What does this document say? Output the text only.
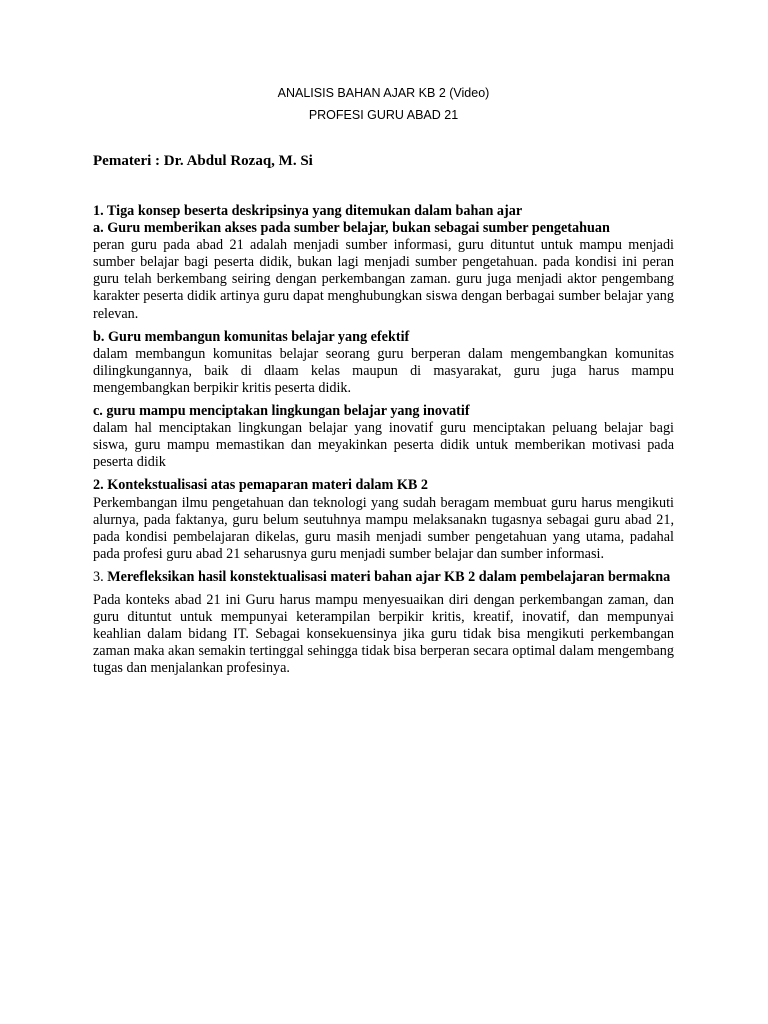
ANALISIS BAHAN AJAR KB 2 (Video)
PROFESI GURU ABAD 21
Pemateri : Dr. Abdul Rozaq, M. Si

1. Tiga konsep beserta deskripsinya yang ditemukan dalam bahan ajar

a. Guru memberikan akses pada sumber belajar, bukan sebagai sumber pengetahuan

peran guru pada abad 21 adalah menjadi sumber informasi, guru dituntut untuk mampu menjadi sumber belajar bagi peserta didik, bukan lagi menjadi sumber pengetahuan. pada kondisi ini peran guru telah berkembang seiring dengan perkembangan zaman. guru juga menjadi aktor pengembang karakter peserta didik artinya guru dapat menghubungkan siswa dengan berbagai sumber belajar yang relevan.

b. Guru membangun komunitas belajar yang efektif

dalam membangun komunitas belajar seorang guru berperan dalam mengembangkan komunitas dilingkungannya, baik di dlaam kelas maupun di masyarakat, guru juga harus mampu mengembangkan berpikir kritis peserta didik.

c. guru mampu menciptakan lingkungan belajar yang inovatif

dalam hal menciptakan lingkungan belajar yang inovatif guru menciptakan peluang belajar bagi siswa, guru mampu memastikan dan meyakinkan peserta didik untuk memberikan motivasi pada peserta didik

2. Kontekstualisasi atas pemaparan materi dalam KB 2

Perkembangan ilmu pengetahuan dan teknologi yang sudah beragam membuat guru harus mengikuti alurnya, pada faktanya, guru belum seutuhnya mampu melaksanakn tugasnya sebagai guru abad 21, pada kondisi pembelajaran dikelas, guru masih menjadi sumber pengetahuan yang utama, padahal pada profesi guru abad 21 seharusnya guru menjadi sumber belajar dan sumber informasi.

3. Merefleksikan hasil konstektualisasi materi bahan ajar KB 2 dalam pembelajaran bermakna

Pada konteks abad 21 ini Guru harus mampu menyesuaikan diri dengan perkembangan zaman, dan guru dituntut untuk mempunyai keterampilan berpikir kritis, kreatif, inovatif, dan mempunyai keahlian dalam bidang IT. Sebagai konsekuensinya jika guru tidak bisa mengikuti perkembangan zaman maka akan semakin tertinggal sehingga tidak bisa berperan secara optimal dalam mengembang tugas dan menjalankan profesinya.
